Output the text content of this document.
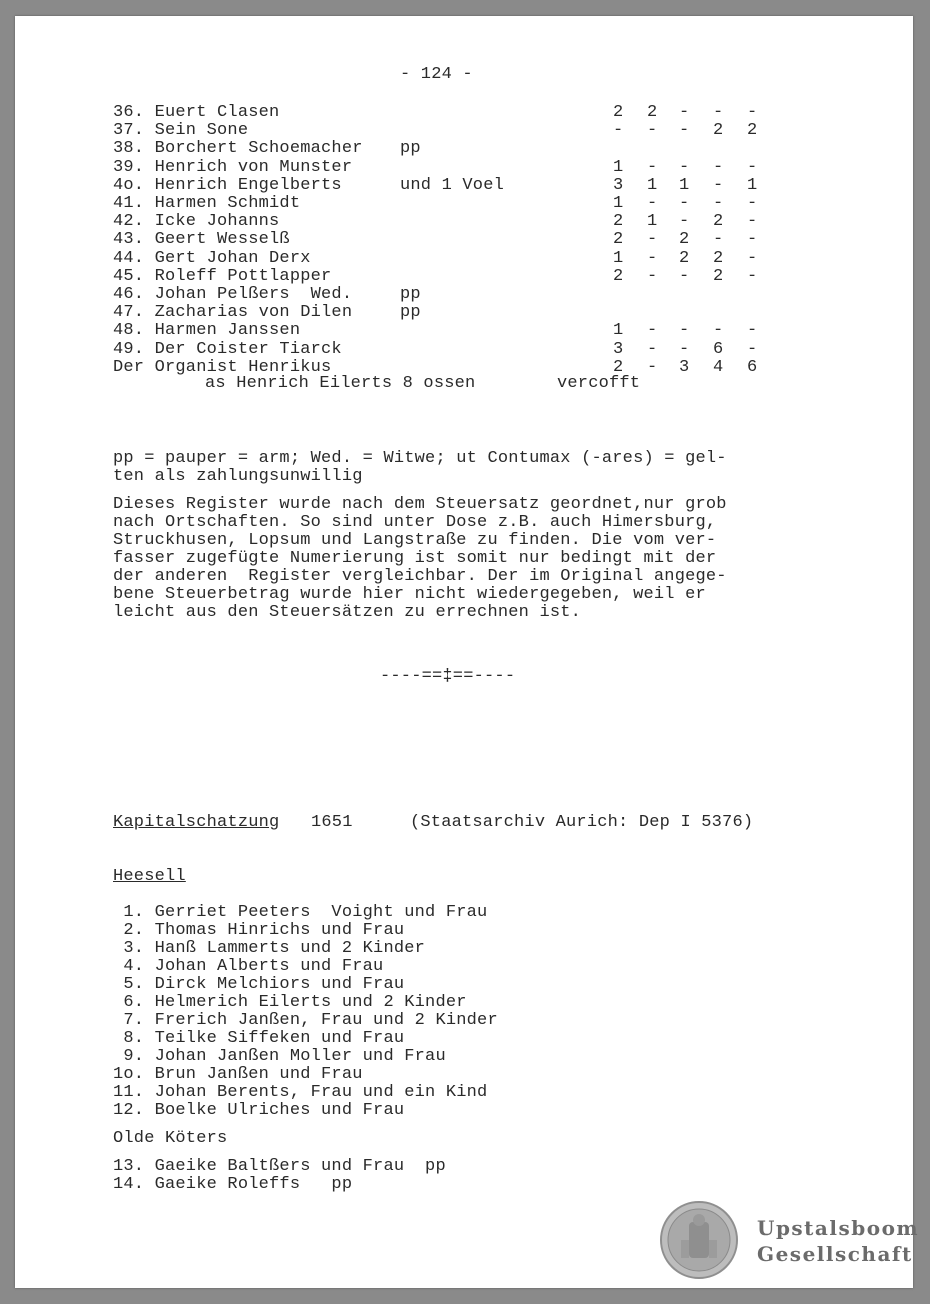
- 124 -
36. Euert Clasen	2 2 - - -
37. Sein Sone	- - - 2 2
38. Borchert Schoemacher pp
39. Henrich von Munster	1 - - - -
4o. Henrich Engelberts	und 1 Voel	3 1 1 - 1
41. Harmen Schmidt	1 - - - -
42. Icke Johanns	2 1 - 2 -
43. Geert Wesselß	2 - 2 - -
44. Gert Johan Derx	1 - 2 2 -
45. Roleff Pottlapper	2 - - 2 -
46. Johan Pelßers  Wed.	pp
47. Zacharias von Dilen	pp
48. Harmen Janssen	1 - - - -
49. Der Coister Tiarck	3 - - 6 -
Der Organist Henrikus	2 - 3 4 6
as Henrich Eilerts 8 ossen	vercofft
pp = pauper = arm; Wed. = Witwe; ut Contumax (-ares) = gel-
ten als zahlungsunwillig
Dieses Register wurde nach dem Steuersatz geordnet,nur grob
nach Ortschaften. So sind unter Dose z.B. auch Himersburg,
Struckhusen, Lopsum und Langstraße zu finden. Die vom ver-
fasser zugefügte Numerierung ist somit nur bedingt mit der
der anderen  Register vergleichbar. Der im Original angege-
bene Steuerbetrag wurde hier nicht wiedergegeben, weil er
leicht aus den Steuersätzen zu errechnen ist.
----==‡==----
Kapitalschatzung 1651	(Staatsarchiv Aurich: Dep I 5376)
Heesell
1. Gerriet Peeters  Voight und Frau
2. Thomas Hinrichs und Frau
3. Hanß Lammerts und 2 Kinder
4. Johan Alberts und Frau
5. Dirck Melchiors und Frau
6. Helmerich Eilerts und 2 Kinder
7. Frerich Janßen, Frau und 2 Kinder
8. Teilke Siffeken und Frau
9. Johan Janßen Moller und Frau
1o. Brun Janßen und Frau
11. Johan Berents, Frau und ein Kind
12. Boelke Ulriches und Frau
Olde Köters
13. Gaeike Baltßers und Frau  pp
14. Gaeike Roleffs   pp
Upstalsboom
Gesellschaft
